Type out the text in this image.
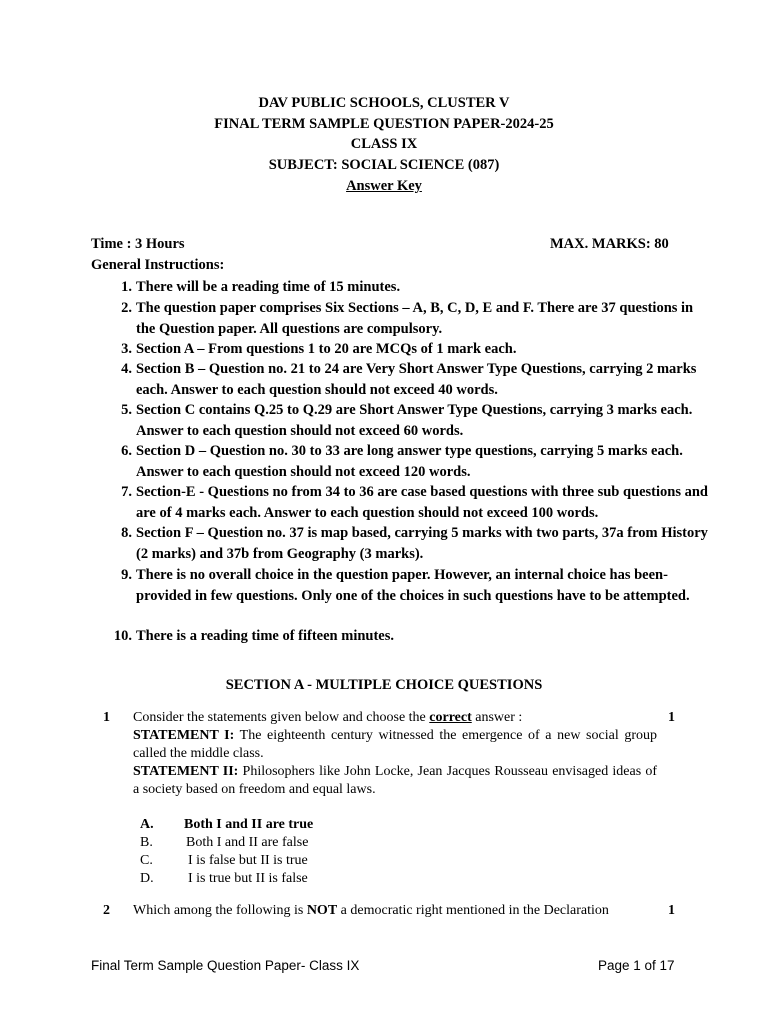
DAV PUBLIC SCHOOLS, CLUSTER V
FINAL TERM SAMPLE QUESTION PAPER-2024-25
CLASS IX
SUBJECT: SOCIAL SCIENCE (087)
Answer Key
Time : 3 Hours	MAX. MARKS: 80
General Instructions:
1. There will be a reading time of 15 minutes.
2. The question paper comprises Six Sections – A, B, C, D, E and F. There are 37 questions in the Question paper. All questions are compulsory.
3. Section A – From questions 1 to 20 are MCQs of 1 mark each.
4. Section B – Question no. 21 to 24 are Very Short Answer Type Questions, carrying 2 marks each. Answer to each question should not exceed 40 words.
5. Section C contains Q.25 to Q.29 are Short Answer Type Questions, carrying 3 marks each. Answer to each question should not exceed 60 words.
6. Section D – Question no. 30 to 33 are long answer type questions, carrying 5 marks each. Answer to each question should not exceed 120 words.
7. Section-E - Questions no from 34 to 36 are case based questions with three sub questions and are of 4 marks each. Answer to each question should not exceed 100 words.
8. Section F – Question no. 37 is map based, carrying 5 marks with two parts, 37a from History (2 marks) and 37b from Geography (3 marks).
9. There is no overall choice in the question paper. However, an internal choice has been-provided in few questions. Only one of the choices in such questions have to be attempted.
10. There is a reading time of fifteen minutes.
SECTION A - MULTIPLE CHOICE QUESTIONS
1	1
Consider the statements given below and choose the correct answer :
STATEMENT I: The eighteenth century witnessed the emergence of a new social group called the middle class.
STATEMENT II: Philosophers like John Locke, Jean Jacques Rousseau envisaged ideas of a society based on freedom and equal laws.
A. Both I and II are true
B. Both I and II are false
C.	I is false but II is true
D. I is true but II is false
2	1
Which among the following is NOT a democratic right mentioned in the Declaration
Final Term Sample Question Paper- Class IX	Page 1 of 17
